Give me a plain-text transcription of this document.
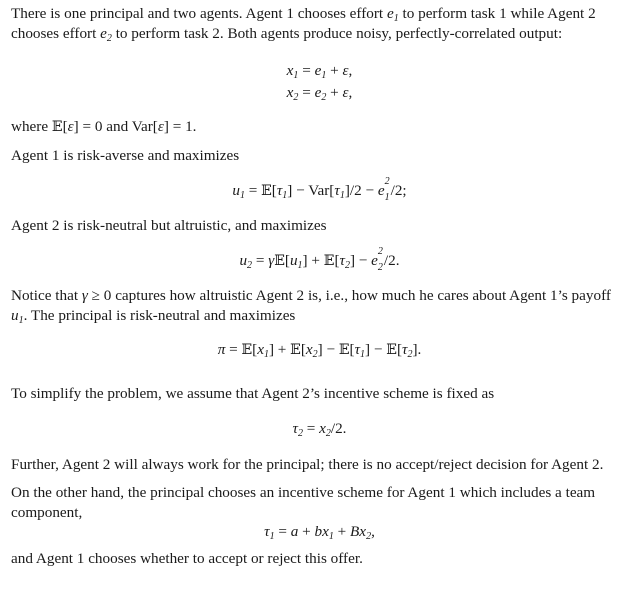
There is one principal and two agents. Agent 1 chooses effort $e_1$ to perform task 1 while Agent 2 chooses effort $e_2$ to perform task 2. Both agents produce noisy, perfectly-correlated output:

$x_1 = e_1 + \varepsilon$,
$x_2 = e_2 + \varepsilon$,

where 𝔼[ε] = 0 and Var[ε] = 1.

Agent 1 is risk-averse and maximizes

$u_1$ = $𝔼[\tau_1] - Var[\tau_1]/2 - e$
2
1 /2;

Agent 2 is risk-neutral but altruistic, and maximizes

$u_2$ = $\gamma 𝔼[u_1]$ + $𝔼[\tau_2] - e$
2
2 /2.

Notice that γ ≥ 0 captures how altruistic Agent 2 is, i.e., how much he cares about Agent 1’s payoff $u_1$. The principal is risk-neutral and maximizes

$\pi = 𝔼[x_1]$ + $𝔼[x_2]$ − $𝔼[\tau_1]$ − $𝔼[\tau_2]$.

To simplify the problem, we assume that Agent 2’s incentive scheme is fixed as

$\tau_2 = x_2/2$.

Further, Agent 2 will always work for the principal; there is no accept/reject decision for Agent 2.

On the other hand, the principal chooses an incentive scheme for Agent 1 which includes a team component,

$\tau_1 = a + bx_1 + Bx_2$,

and Agent 1 chooses whether to accept or reject this offer.
